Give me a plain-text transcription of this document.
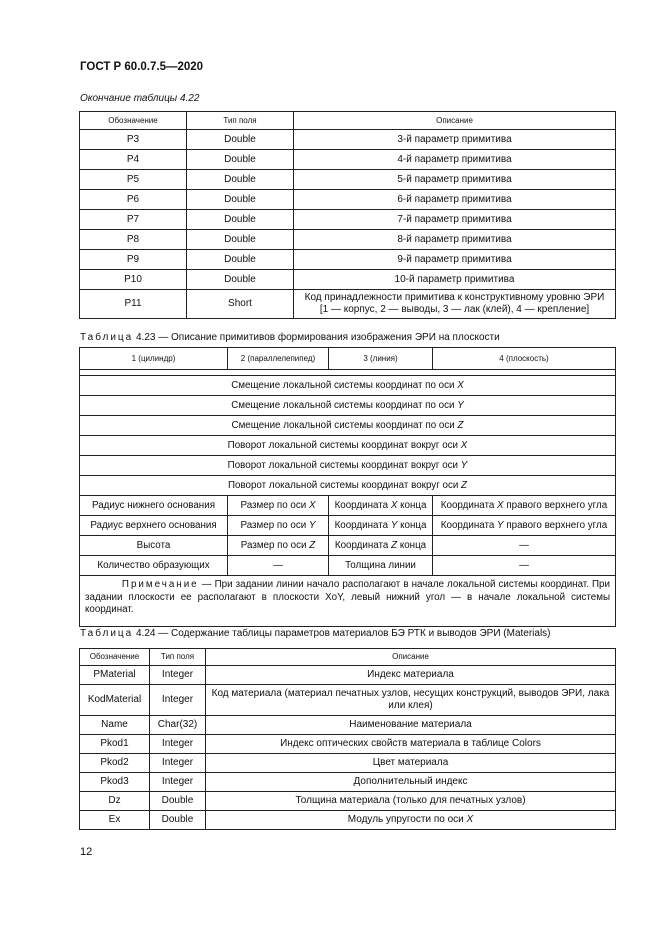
ГОСТ Р 60.0.7.5—2020
Окончание таблицы 4.22
Обозначение	Тип поля	Описание
P3	Double	3-й параметр примитива
P4	Double	4-й параметр примитива
P5	Double	5-й параметр примитива
P6	Double	6-й параметр примитива
P7	Double	7-й параметр примитива
P8	Double	8-й параметр примитива
P9	Double	9-й параметр примитива
P10	Double	10-й параметр примитива
P11	Short	Код принадлежности примитива к конструктивному уровню ЭРИ
[1 — корпус, 2 — выводы, 3 — лак (клей), 4 — крепление]
Таблица 4.23 — Описание примитивов формирования изображения ЭРИ на плоскости
1 (цилиндр)	2 (параллелепипед)	3 (линия)	4 (плоскость)

Смещение локальной системы координат по оси X			
Смещение локальной системы координат по оси Y			
Смещение локальной системы координат по оси Z			
Поворот локальной системы координат вокруг оси X			
Поворот локальной системы координат вокруг оси Y			
Поворот локальной системы координат вокруг оси Z			
Радиус нижнего основания	Размер по оси X	Координата X конца	Координата X правого верхнего угла
Радиус верхнего основания	Размер по оси Y	Координата Y конца	Координата Y правого верхнего угла
Высота	Размер по оси Z	Координата Z конца	—
Количество образующих	—	Толщина линии	—
Примечание — При задании линии начало располагают в начале локальной системы координат. При задании плоскости ее располагают в плоскости XoY, левый нижний угол — в начале локальной системы координат.			
Таблица 4.24 — Содержание таблицы параметров материалов БЭ РТК и выводов ЭРИ (Materials)
Обозначение	Тип поля	Описание
PMaterial	Integer	Индекс материала
KodMaterial	Integer	Код материала (материал печатных узлов, несущих конструкций, выводов ЭРИ, лака или клея)
Name	Char(32)	Наименование материала
Pkod1	Integer	Индекс оптических свойств материала в таблице Colors
Pkod2	Integer	Цвет материала
Pkod3	Integer	Дополнительный индекс
Dz	Double	Толщина материала (только для печатных узлов)
Ex	Double	Модуль упругости по оси X
12
